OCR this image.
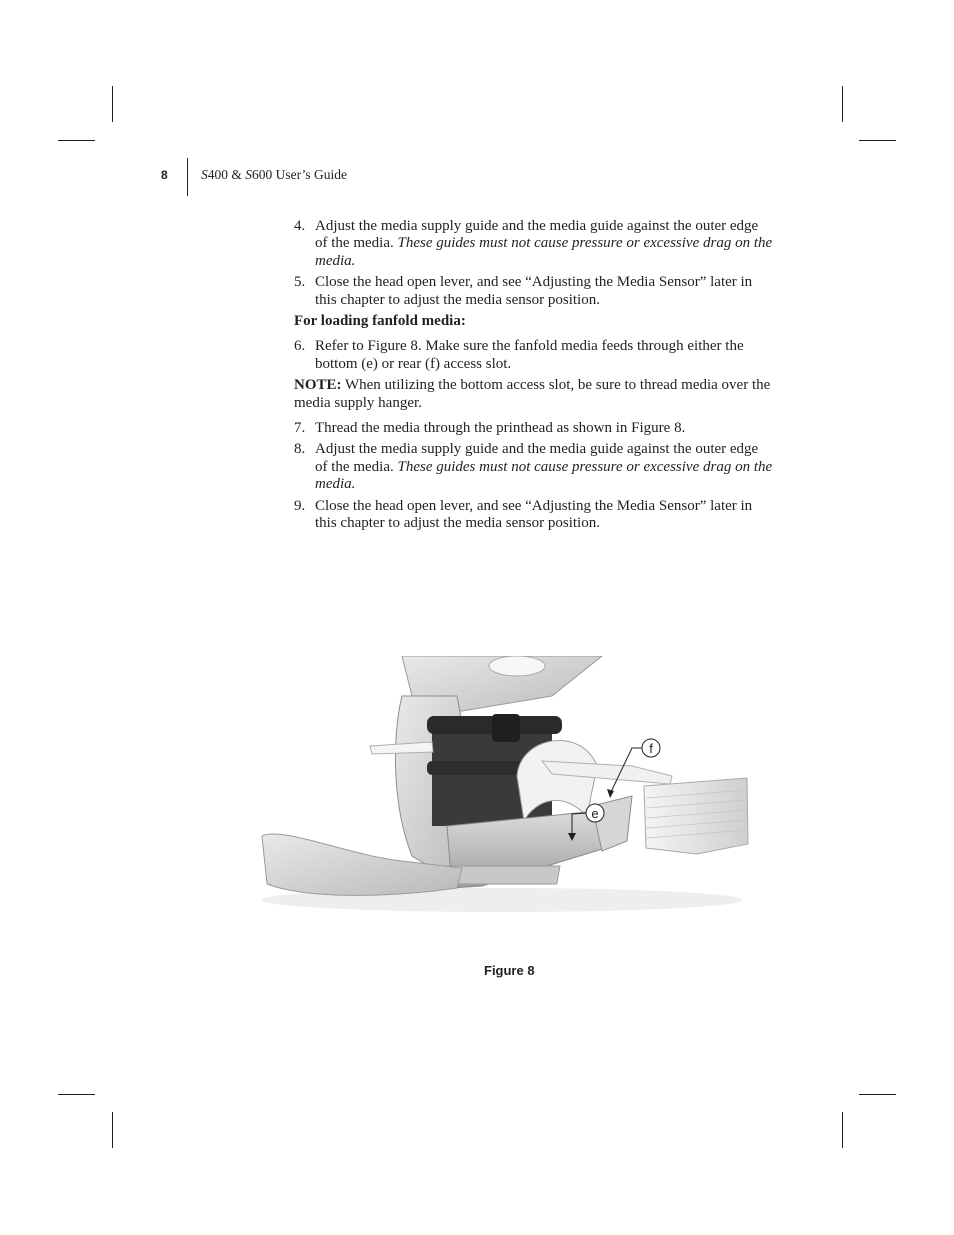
8 S400 & S600 User’s Guide
4. Adjust the media supply guide and the media guide against the outer edge of the media. These guides must not cause pressure or excessive drag on the media.
5. Close the head open lever, and see “Adjusting the Media Sensor” later in this chapter to adjust the media sensor position.

For loading fanfold media:

6. Refer to Figure 8. Make sure the fanfold media feeds through either the bottom (e) or rear (f) access slot.

NOTE: When utilizing the bottom access slot, be sure to thread media over the media supply hanger.

7. Thread the media through the printhead as shown in Figure 8.
8. Adjust the media supply guide and the media guide against the outer edge of the media. These guides must not cause pressure or excessive drag on the media.
9. Close the head open lever, and see “Adjusting the Media Sensor” later in this chapter to adjust the media sensor position.
f
e
Figure 8
